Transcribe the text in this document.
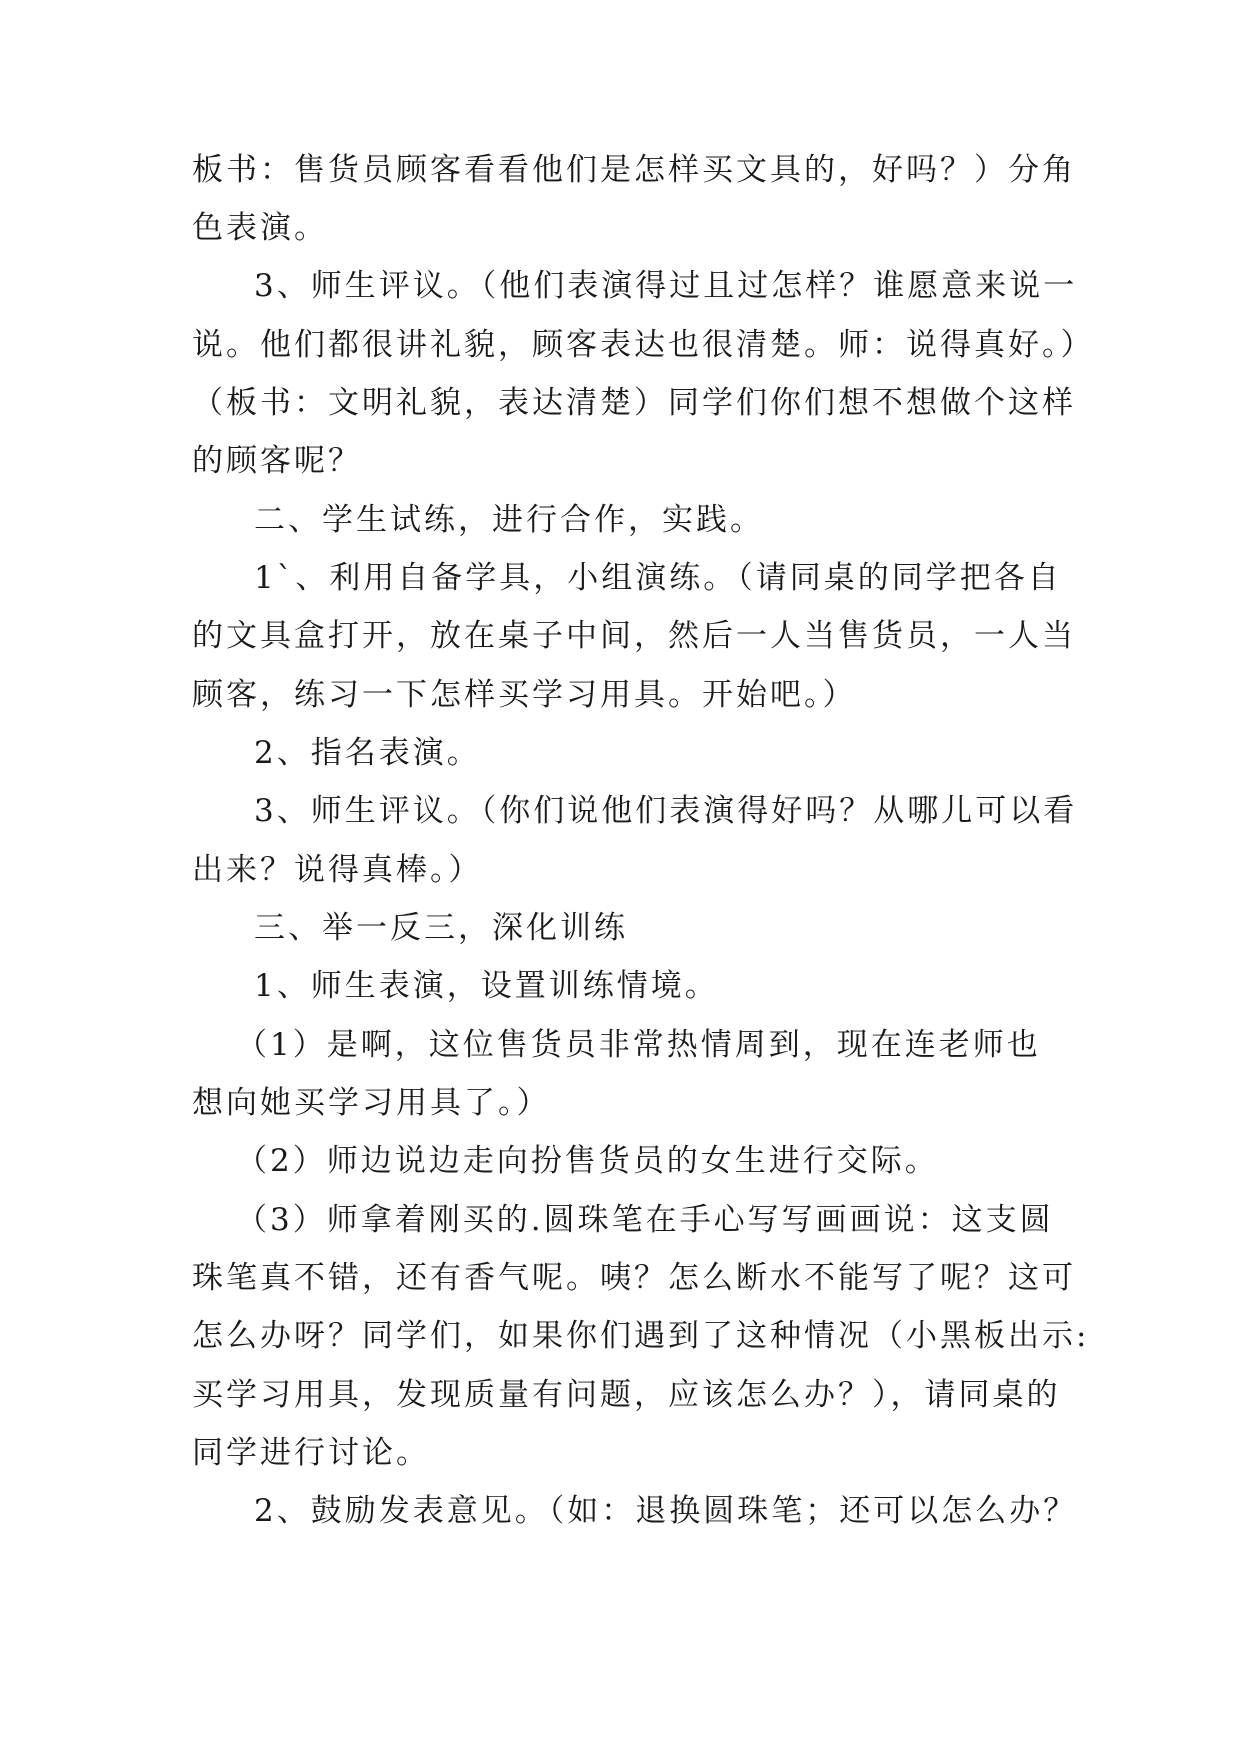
板书：售货员顾客看看他们是怎样买文具的，好吗？）分角
色表演。
3、师生评议。（他们表演得过且过怎样？谁愿意来说一
说。他们都很讲礼貌，顾客表达也很清楚。师：说得真好。）
（板书：文明礼貌，表达清楚）同学们你们想不想做个这样
的顾客呢？
二、学生试练，进行合作，实践。
1`、利用自备学具，小组演练。（请同桌的同学把各自
的文具盒打开，放在桌子中间，然后一人当售货员，一人当
顾客，练习一下怎样买学习用具。开始吧。）
2、指名表演。
3、师生评议。（你们说他们表演得好吗？从哪儿可以看
出来？说得真棒。）
三、举一反三，深化训练
1、师生表演，设置训练情境。
（1）是啊，这位售货员非常热情周到，现在连老师也
想向她买学习用具了。）
（2）师边说边走向扮售货员的女生进行交际。
（3）师拿着刚买的.圆珠笔在手心写写画画说：这支圆
珠笔真不错，还有香气呢。咦？怎么断水不能写了呢？这可
怎么办呀？同学们，如果你们遇到了这种情况（小黑板出示:
买学习用具，发现质量有问题，应该怎么办？），请同桌的
同学进行讨论。
2、鼓励发表意见。（如：退换圆珠笔；还可以怎么办？
